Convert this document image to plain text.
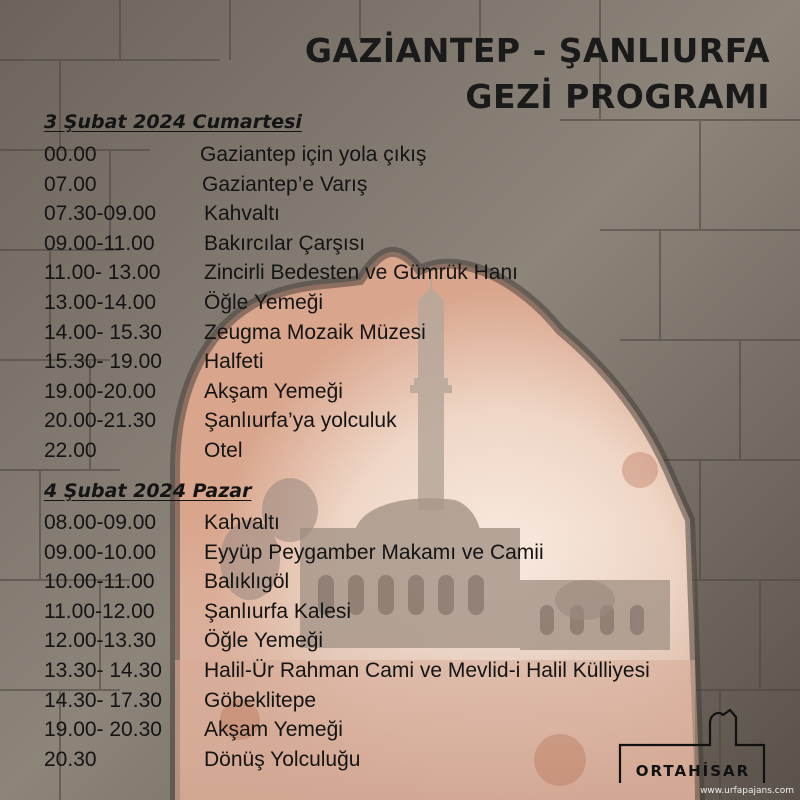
GAZİANTEP - ŞANLIURFA
GEZİ PROGRAMI
3 Şubat 2024 Cumartesi
00.00	Gaziantep için yola çıkış
07.00	Gaziantep’e Varış
07.30-09.00 Kahvaltı
09.00-11.00 Bakırcılar Çarşısı
11.00- 13.00 Zincirli Bedesten ve Gümrük Hanı
13.00-14.00 Öğle Yemeği
14.00- 15.30 Zeugma Mozaik Müzesi
15.30- 19.00 Halfeti
19.00-20.00 Akşam Yemeği
20.00-21.30 Şanlıurfa’ya yolculuk
22.00	Otel
4 Şubat 2024 Pazar
08.00-09.00 Kahvaltı
09.00-10.00 Eyyüp Peygamber Makamı ve Camii
10.00-11.00 Balıklıgöl
11.00-12.00 Şanlıurfa Kalesi
12.00-13.30 Öğle Yemeği
13.30- 14.30 Halil-Ür Rahman Cami ve Mevlid-i Halil Külliyesi
14.30- 17.30 Göbeklitepe
19.00- 20.30 Akşam Yemeği
20.30	Dönüş Yolculuğu
ORTAHİSAR
www.urfapajans.com
